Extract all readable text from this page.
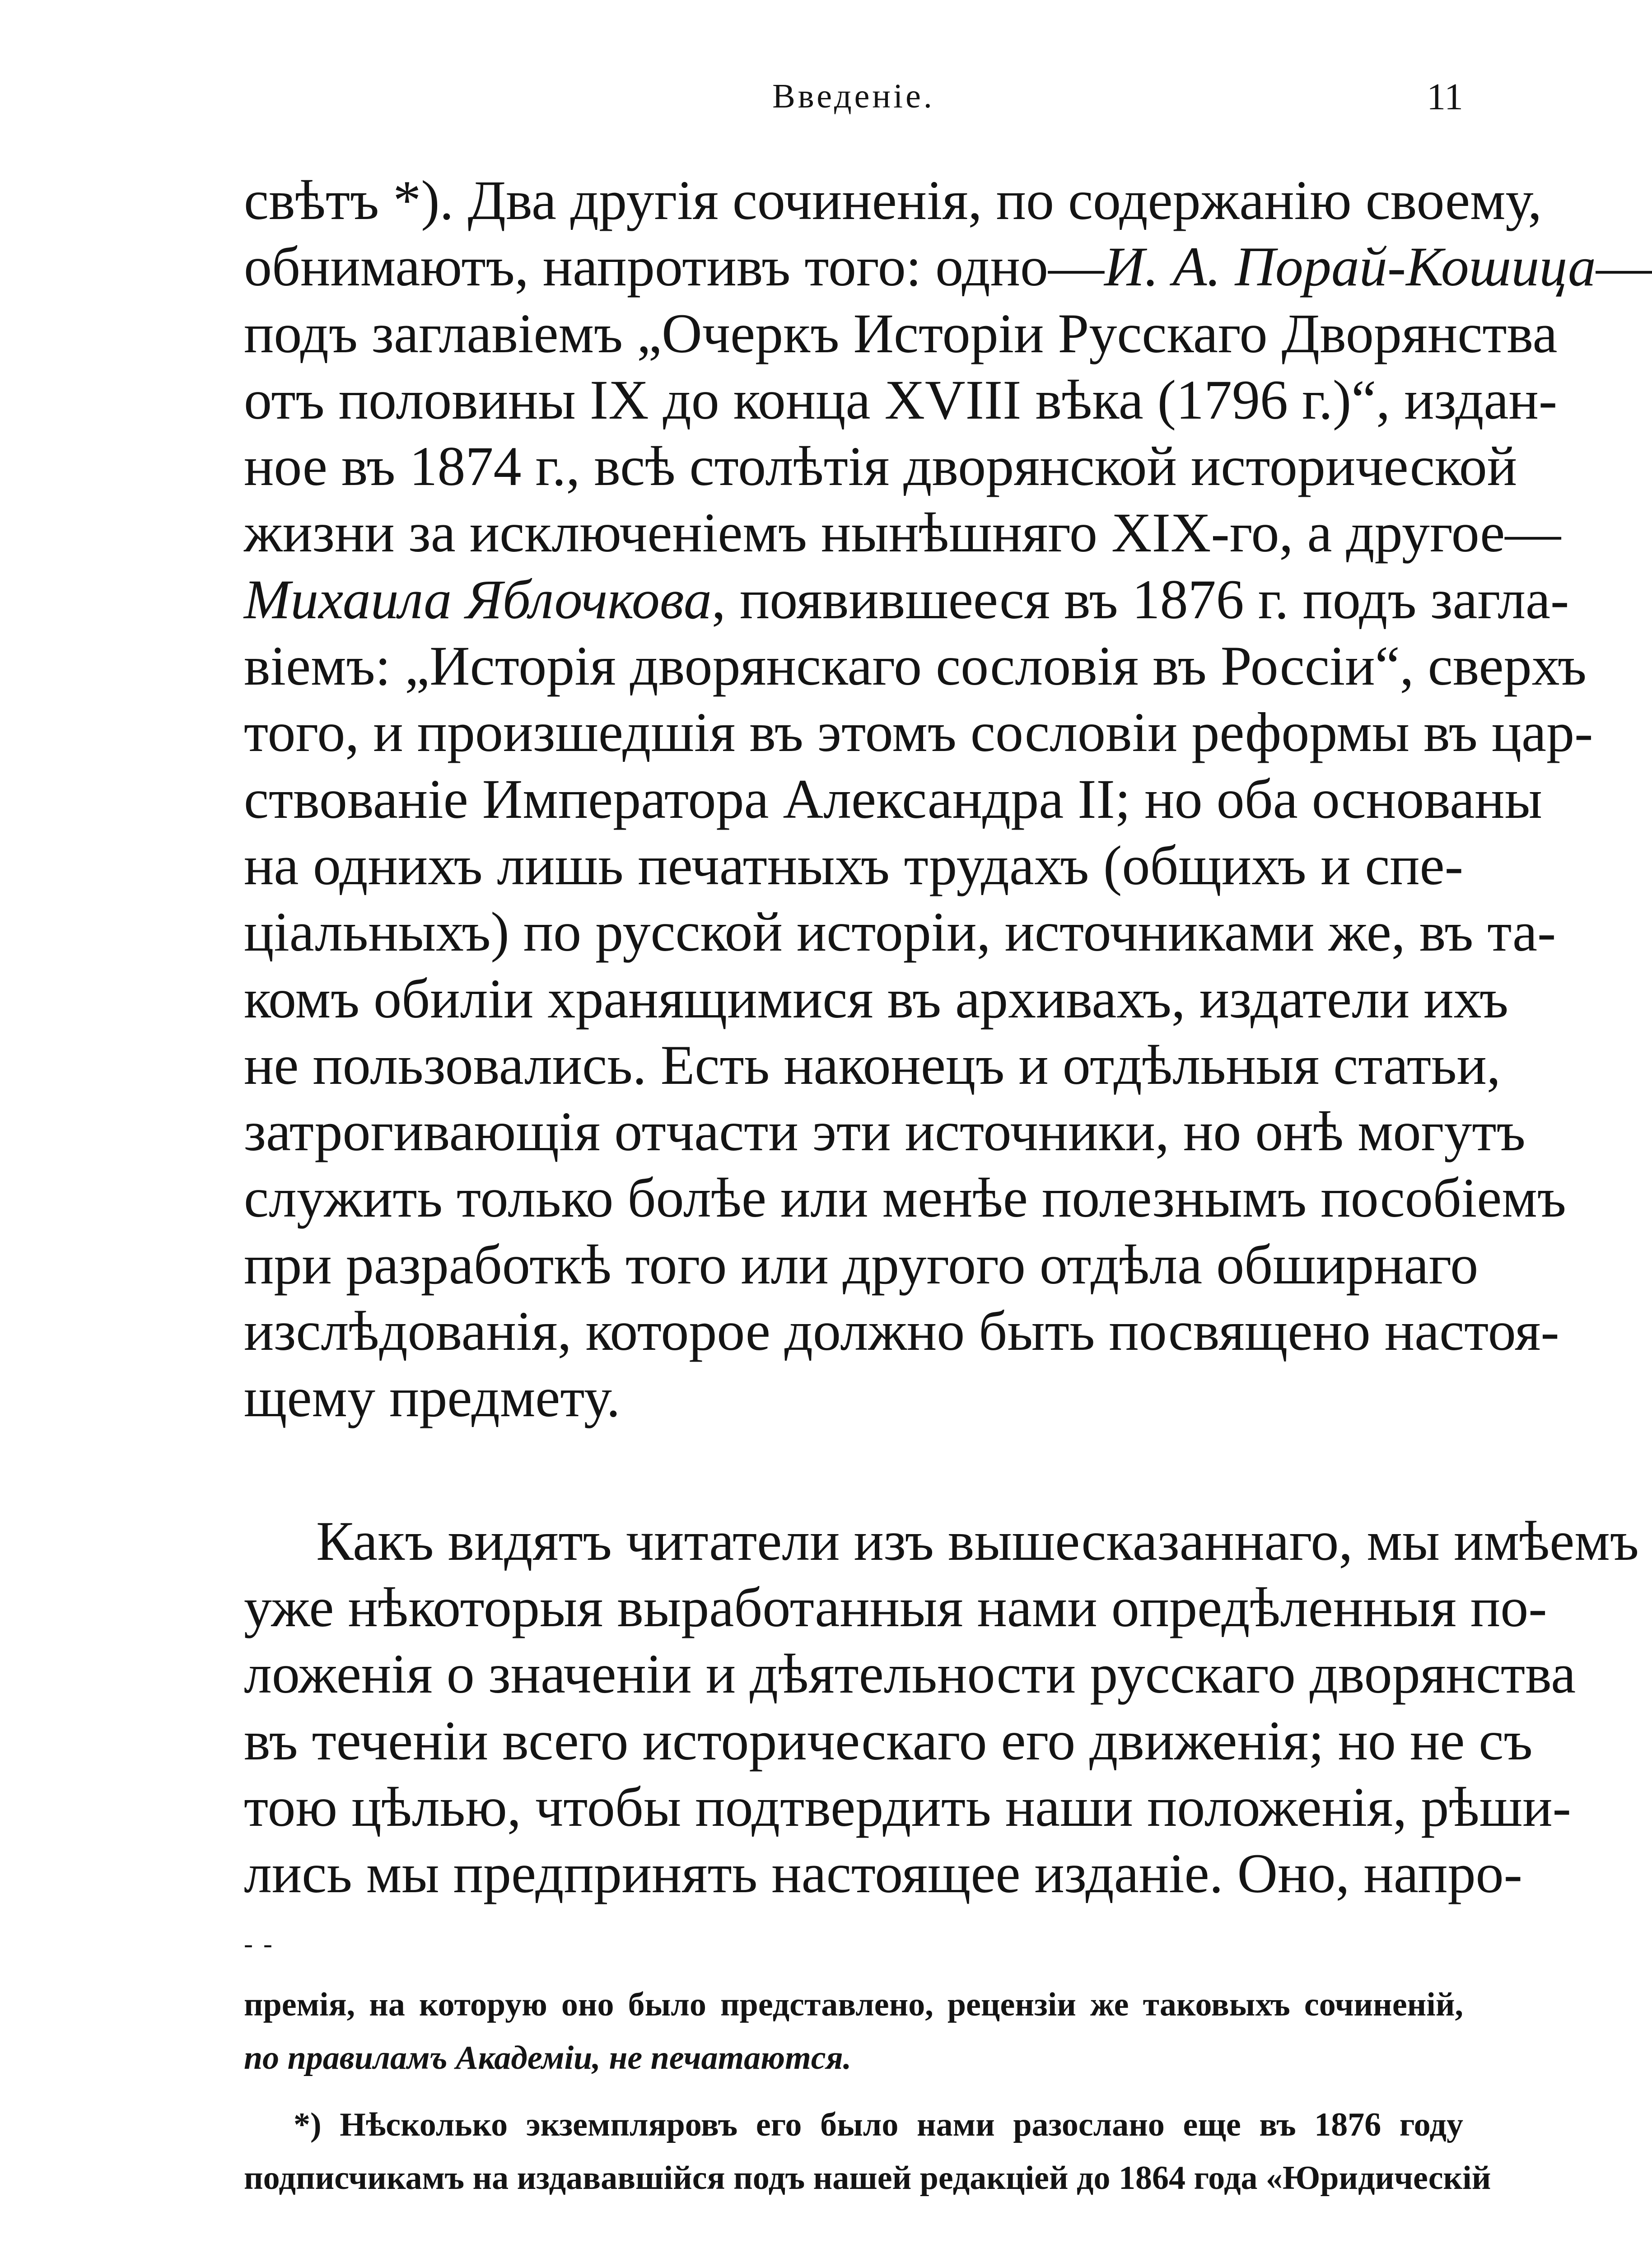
Введеніе.	11
свѣтъ *). Два другія сочиненія, по содержанію своему,
обнимаютъ, напротивъ того: одно—И. А. Порай-Кошица—
подъ заглавіемъ „Очеркъ Исторіи Русскаго Дворянства
отъ половины IX до конца XVIII вѣка (1796 г.)“, издан-
ное въ 1874 г., всѣ столѣтія дворянской исторической
жизни за исключеніемъ нынѣшняго XIX-го, а другое—
Михаила Яблочкова, появившееся въ 1876 г. подъ загла-
віемъ: „Исторія дворянскаго сословія въ Россіи“, сверхъ
того, и произшедшія въ этомъ сословіи реформы въ цар-
ствованіе Императора Александра II; но оба основаны
на однихъ лишь печатныхъ трудахъ (общихъ и спе-
ціальныхъ) по русской исторіи, источниками же, въ та-
комъ обиліи хранящимися въ архивахъ, издатели ихъ
не пользовались. Есть наконецъ и отдѣльныя статьи,
затрогивающія отчасти эти источники, но онѣ могутъ
служить только болѣе или менѣе полезнымъ пособіемъ
при разработкѣ того или другого отдѣла обширнаго
изслѣдованія, которое должно быть посвящено настоя-
щему предмету.
Какъ видятъ читатели изъ вышесказаннаго, мы имѣемъ
уже нѣкоторыя выработанныя нами опредѣленныя по-
ложенія о значеніи и дѣятельности русскаго дворянства
въ теченіи всего историческаго его движенія; но не съ
тою цѣлью, чтобы подтвердить наши положенія, рѣши-
лись мы предпринять настоящее изданіе. Оно, напро-
- -
премія, на которую оно было представлено, рецензіи же таковыхъ сочиненій,
по правиламъ Академіи, не печатаются.
*) Нѣсколько экземпляровъ его было нами разослано еще въ 1876 году
подписчикамъ на издававшійся подъ нашей редакціей до 1864 года «Юридическій
